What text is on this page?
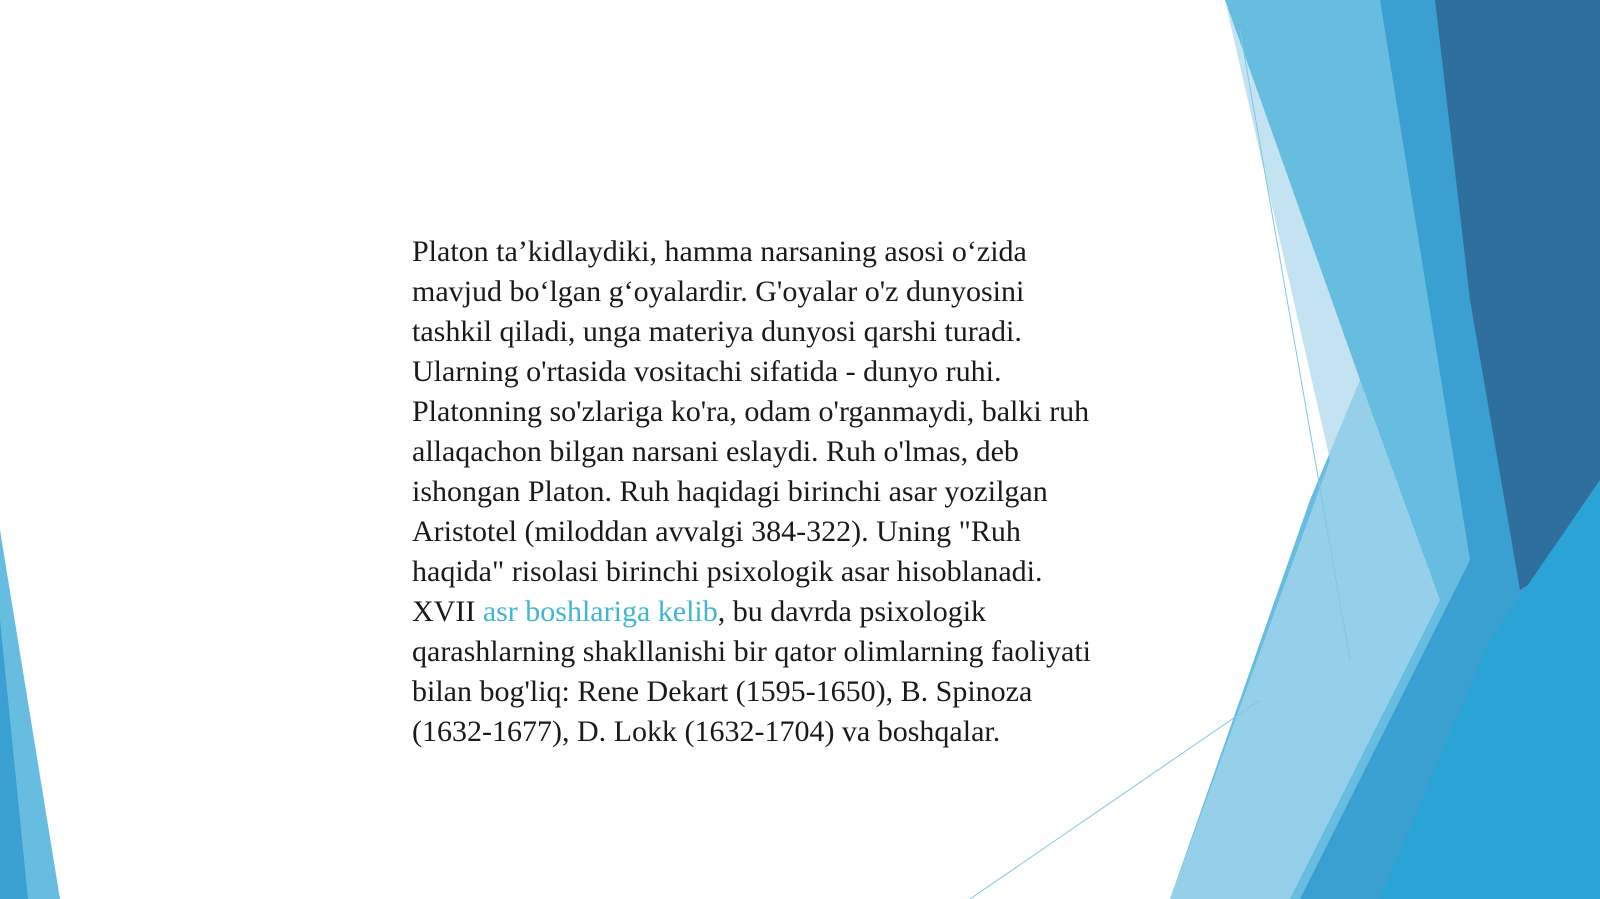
Platon ta’kidlaydiki, hamma narsaning asosi o‘zida
mavjud bo‘lgan g‘oyalardir. G'oyalar o'z dunyosini
tashkil qiladi, unga materiya dunyosi qarshi turadi.
Ularning o'rtasida vositachi sifatida - dunyo ruhi.
Platonning so'zlariga ko'ra, odam o'rganmaydi, balki ruh
allaqachon bilgan narsani eslaydi. Ruh o'lmas, deb
ishongan Platon. Ruh haqidagi birinchi asar yozilgan
Aristotel (miloddan avvalgi 384-322). Uning "Ruh
haqida" risolasi birinchi psixologik asar hisoblanadi.
XVII asr boshlariga kelib, bu davrda psixologik
qarashlarning shakllanishi bir qator olimlarning faoliyati
bilan bog'liq: Rene Dekart (1595-1650), B. Spinoza
(1632-1677), D. Lokk (1632-1704) va boshqalar.
